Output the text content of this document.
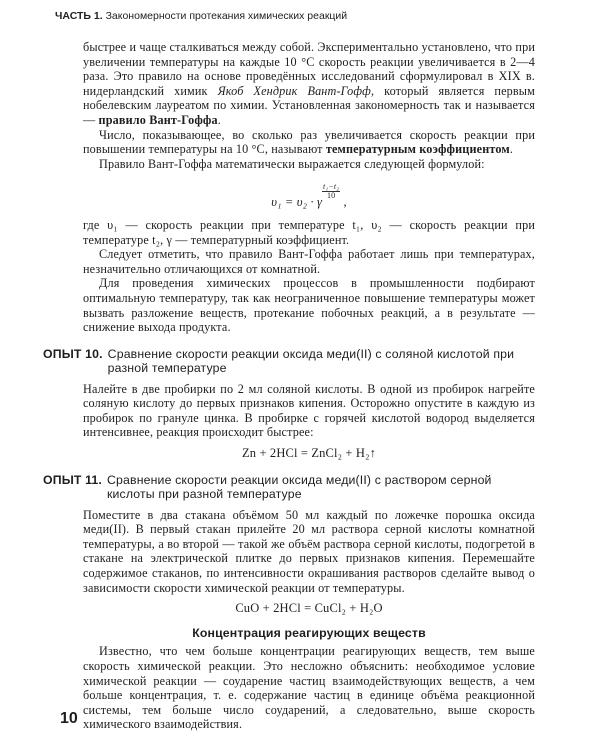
ЧАСТЬ 1. Закономерности протекания химических реакций

быстрее и чаще сталкиваться между собой. Экспериментально установлено, что при увеличении температуры на каждые 10 °С скорость реакции увеличивается в 2—4 раза. Это правило на основе проведённых исследований сформулировал в XIX в. нидерландский химик Якоб Хендрик Вант-Гофф, который является первым нобелевским лауреатом по химии. Установленная закономерность так и называется — правило Вант-Гоффа.

Число, показывающее, во сколько раз увеличивается скорость реакции при повышении температуры на 10 °С, называют температурным коэффициентом.

Правило Вант-Гоффа математически выражается следующей формулой:

υ₁ = υ₂ · γ
$\frac{\text{t₁−t₂}}{10}$
,

где υ₁ — скорость реакции при температуре t₁, υ₂ — скорость реакции при температуре t₂, γ — температурный коэффициент.

Следует отметить, что правило Вант-Гоффа работает лишь при температурах, незначительно отличающихся от комнатной.

Для проведения химических процессов в промышленности подбирают оптимальную температуру, так как неограниченное повышение температуры может вызвать разложение веществ, протекание побочных реакций, а в результате — снижение выхода продукта.

ОПЫТ 10. Сравнение скорости реакции оксида меди(II) с соляной кислотой при разной температуре

Налейте в две пробирки по 2 мл соляной кислоты. В одной из пробирок нагрейте соляную кислоту до первых признаков кипения. Осторожно опустите в каждую из пробирок по грануле цинка. В пробирке с горячей кислотой водород выделяется интенсивнее, реакция происходит быстрее:

Zn + 2HCl = ZnCl₂ + H₂↑
ОПЫТ 11. Сравнение скорости реакции оксида меди(II) с раствором серной кислоты при разной температуре

Поместите в два стакана объёмом 50 мл каждый по ложечке порошка оксида меди(II). В первый стакан прилейте 20 мл раствора серной кислоты комнатной температуры, а во второй — такой же объём раствора серной кислоты, подогретой в стакане на электрической плитке до первых признаков кипения. Перемешайте содержимое стаканов, по интенсивности окрашивания растворов сделайте вывод о зависимости скорости химической реакции от температуры.

CuO + 2HCl = CuCl₂ + H₂O
Концентрация реагирующих веществ

Известно, что чем больше концентрации реагирующих веществ, тем выше скорость химической реакции. Это несложно объяснить: необходимое условие химической реакции — соударение частиц взаимодействующих веществ, а чем больше концентрация, т. е. содержание частиц в единице объёма реакционной системы, тем больше число соударений, а следовательно, выше скорость химического взаимодействия.

10
